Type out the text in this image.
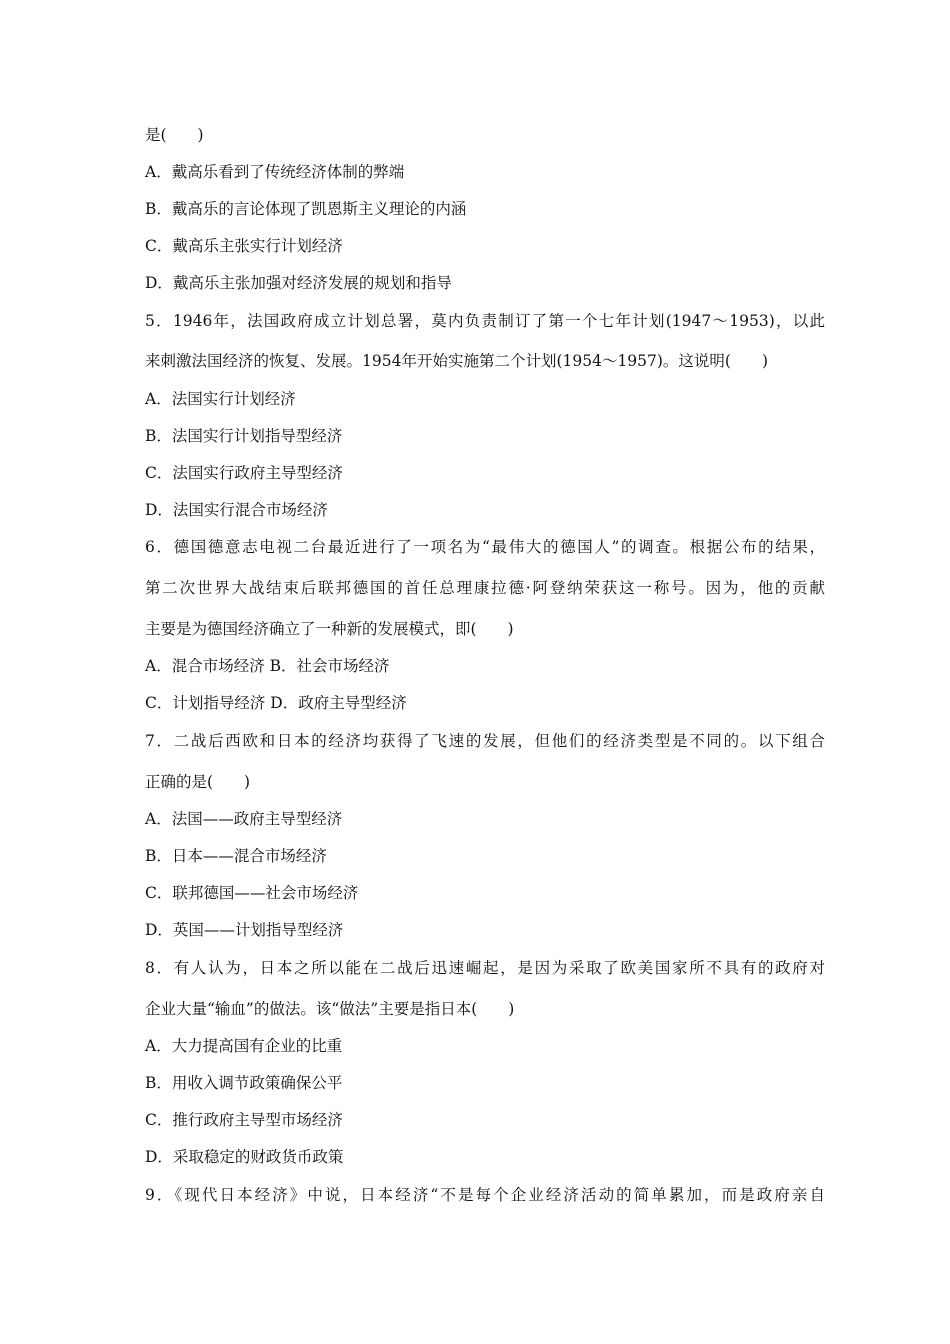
是(　　)
A．戴高乐看到了传统经济体制的弊端
B．戴高乐的言论体现了凯恩斯主义理论的内涵
C．戴高乐主张实行计划经济
D．戴高乐主张加强对经济发展的规划和指导
5．1946年，法国政府成立计划总署，莫内负责制订了第一个七年计划(1947～1953)，以此
来刺激法国经济的恢复、发展。1954年开始实施第二个计划(1954～1957)。这说明(　　)
A．法国实行计划经济
B．法国实行计划指导型经济
C．法国实行政府主导型经济
D．法国实行混合市场经济
6．德国德意志电视二台最近进行了一项名为“最伟大的德国人”的调查。根据公布的结果，
第二次世界大战结束后联邦德国的首任总理康拉德·阿登纳荣获这一称号。因为，他的贡献
主要是为德国经济确立了一种新的发展模式，即(　　)
A．混合市场经济 B．社会市场经济
C．计划指导经济 D．政府主导型经济
7．二战后西欧和日本的经济均获得了飞速的发展，但他们的经济类型是不同的。以下组合
正确的是(　　)
A．法国——政府主导型经济
B．日本——混合市场经济
C．联邦德国——社会市场经济
D．英国——计划指导型经济
8．有人认为，日本之所以能在二战后迅速崛起，是因为采取了欧美国家所不具有的政府对
企业大量“输血”的做法。该“做法”主要是指日本(　　)
A．大力提高国有企业的比重
B．用收入调节政策确保公平
C．推行政府主导型市场经济
D．采取稳定的财政货币政策
9．《现代日本经济》中说，日本经济“不是每个企业经济活动的简单累加，而是政府亲自
